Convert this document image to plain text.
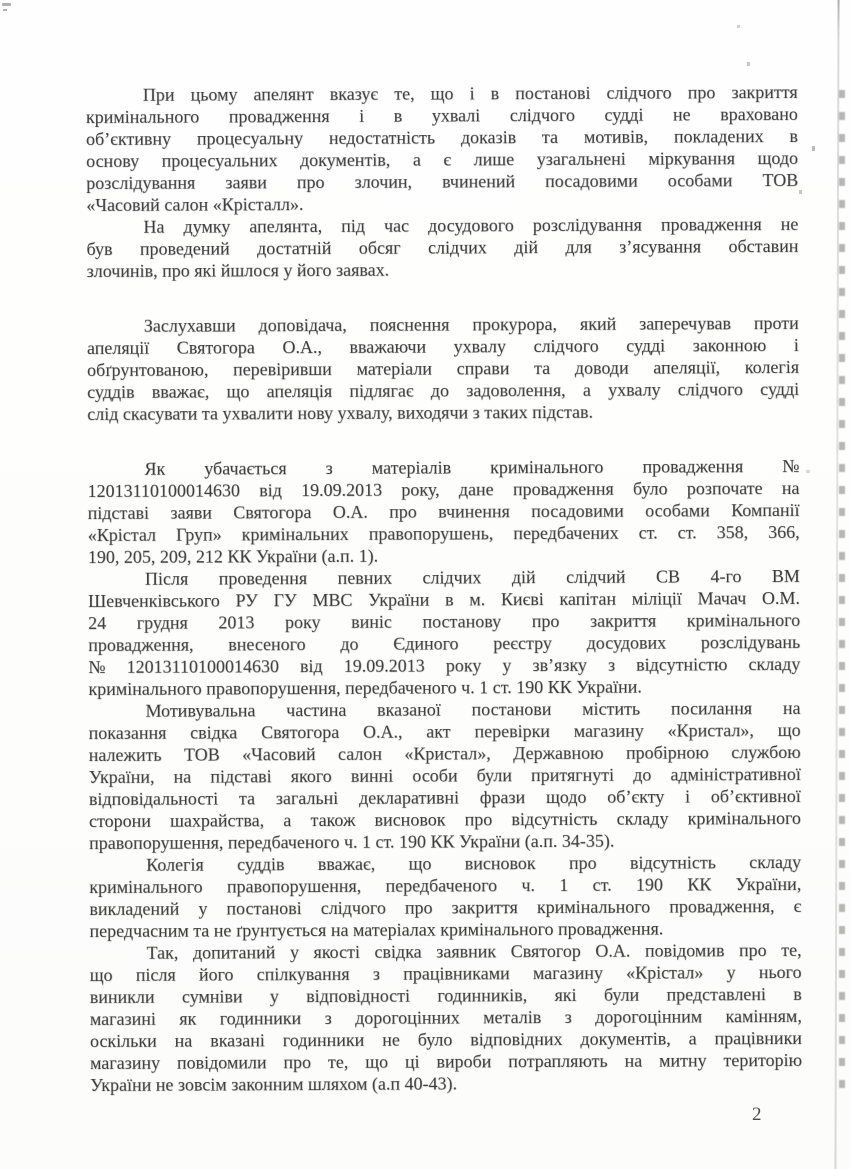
При цьому апелянт вказує те, що і в постанові слідчого про закриття
кримінального провадження і в ухвалі слідчого судді не враховано
об’єктивну процесуальну недостатність доказів та мотивів, покладених в
основу процесуальних документів, а є лише узагальнені міркування щодо
розслідування заяви про злочин, вчинений посадовими особами ТОВ
«Часовий салон «Крісталл».
На думку апелянта, під час досудового розслідування провадження не
був проведений достатній обсяг слідчих дій для з’ясування обставин
злочинів, про які йшлося у його заявах.
Заслухавши доповідача, пояснення прокурора, який заперечував проти
апеляції Святогора О.А., вважаючи ухвалу слідчого судді законною і
обґрунтованою, перевіривши матеріали справи та доводи апеляції, колегія
суддів вважає, що апеляція підлягає до задоволення, а ухвалу слідчого судді
слід скасувати та ухвалити нову ухвалу, виходячи з таких підстав.
Як убачається з матеріалів кримінального провадження №
12013110100014630 від 19.09.2013 року, дане провадження було розпочате на
підставі заяви Святогора О.А. про вчинення посадовими особами Компанії
«Крістал Груп» кримінальних правопорушень, передбачених ст. ст. 358, 366,
190, 205, 209, 212 КК України (а.п. 1).
Після проведення певних слідчих дій слідчий СВ 4-го ВМ
Шевченківського РУ ГУ МВС України в м. Києві капітан міліції Мачач О.М.
24 грудня 2013 року виніс постанову про закриття кримінального
провадження, внесеного до Єдиного реєстру досудових розслідувань
№ 12013110100014630 від 19.09.2013 року у зв’язку з відсутністю складу
кримінального правопорушення, передбаченого ч. 1 ст. 190 КК України.
Мотивувальна частина вказаної постанови містить посилання на
показання свідка Святогора О.А., акт перевірки магазину «Кристал», що
належить ТОВ «Часовий салон «Кристал», Державною пробірною службою
України, на підставі якого винні особи були притягнуті до адміністративної
відповідальності та загальні декларативні фрази щодо об’єкту і об’єктивної
сторони шахрайства, а також висновок про відсутність складу кримінального
правопорушення, передбаченого ч. 1 ст. 190 КК України (а.п. 34-35).
Колегія суддів вважає, що висновок про відсутність складу
кримінального правопорушення, передбаченого ч. 1 ст. 190 КК України,
викладений у постанові слідчого про закриття кримінального провадження, є
передчасним та не ґрунтується на матеріалах кримінального провадження.
Так, допитаний у якості свідка заявник Святогор О.А. повідомив про те,
що після його спілкування з працівниками магазину «Крістал» у нього
виникли сумніви у відповідності годинників, які були представлені в
магазині як годинники з дорогоцінних металів з дорогоцінним камінням,
оскільки на вказані годинники не було відповідних документів, а працівники
магазину повідомили про те, що ці вироби потрапляють на митну територію
України не зовсім законним шляхом (а.п 40-43).
2
